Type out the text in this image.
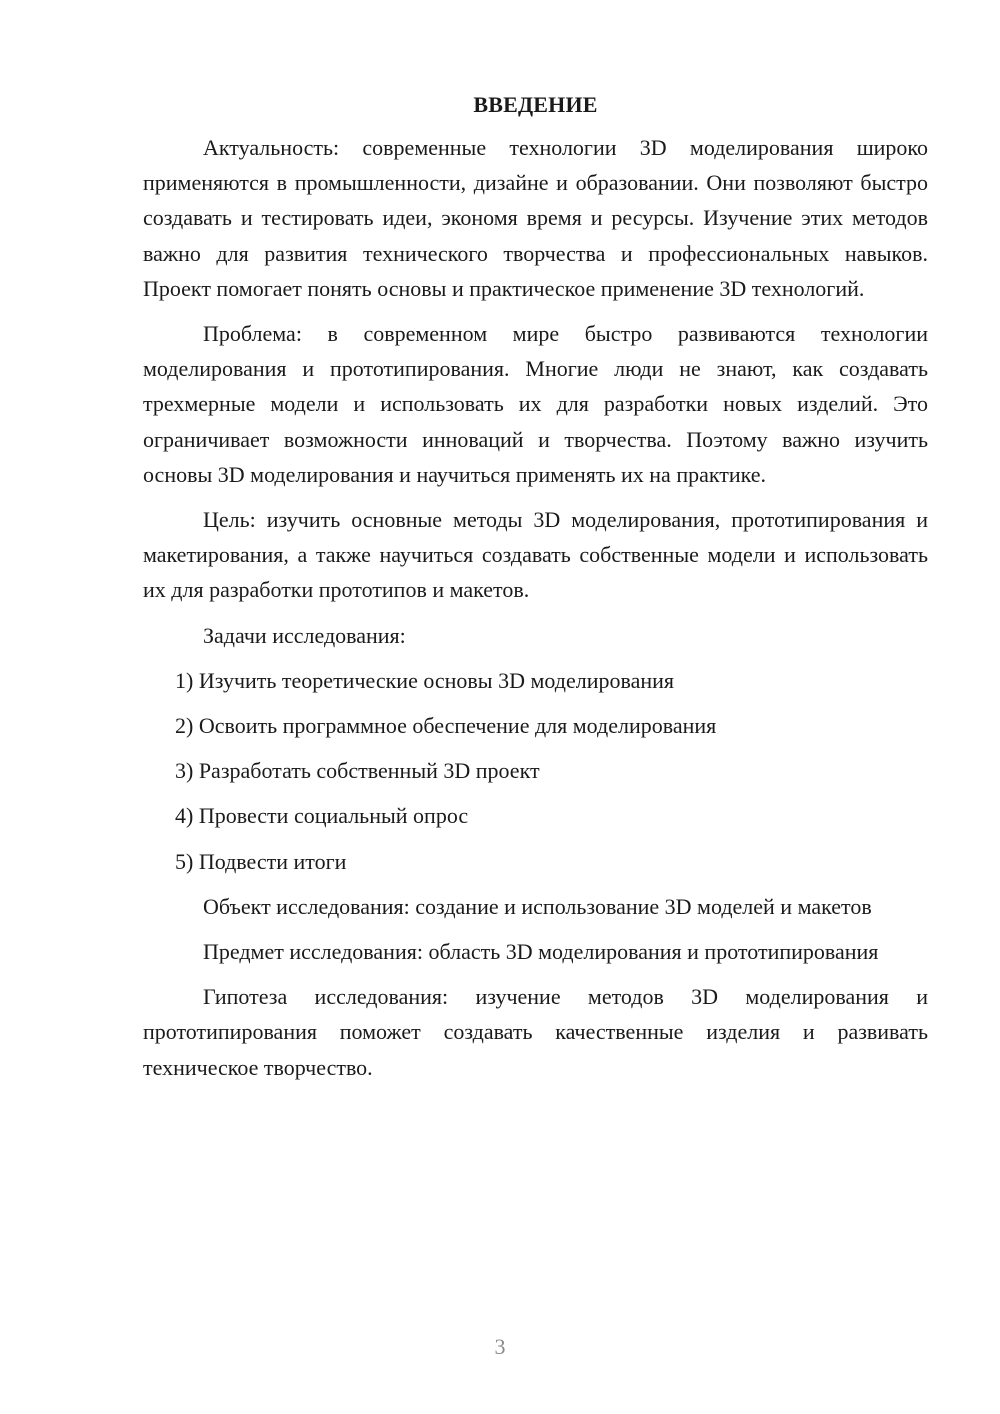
ВВЕДЕНИЕ

Актуальность: современные технологии 3D моделирования широко применяются в промышленности, дизайне и образовании. Они позволяют быстро создавать и тестировать идеи, экономя время и ресурсы. Изучение этих методов важно для развития технического творчества и профессиональных навыков. Проект помогает понять основы и практическое применение 3D технологий.

Проблема: в современном мире быстро развиваются технологии моделирования и прототипирования. Многие люди не знают, как создавать трехмерные модели и использовать их для разработки новых изделий. Это ограничивает возможности инноваций и творчества. Поэтому важно изучить основы 3D моделирования и научиться применять их на практике.

Цель: изучить основные методы 3D моделирования, прототипирования и макетирования, а также научиться создавать собственные модели и использовать их для разработки прототипов и макетов.

Задачи исследования:

1) Изучить теоретические основы 3D моделирования
2) Освоить программное обеспечение для моделирования
3) Разработать собственный 3D проект
4) Провести социальный опрос
5) Подвести итоги

Объект исследования: создание и использование 3D моделей и макетов

Предмет исследования: область 3D моделирования и прототипирования

Гипотеза исследования: изучение методов 3D моделирования и прототипирования поможет создавать качественные изделия и развивать техническое творчество.

3
